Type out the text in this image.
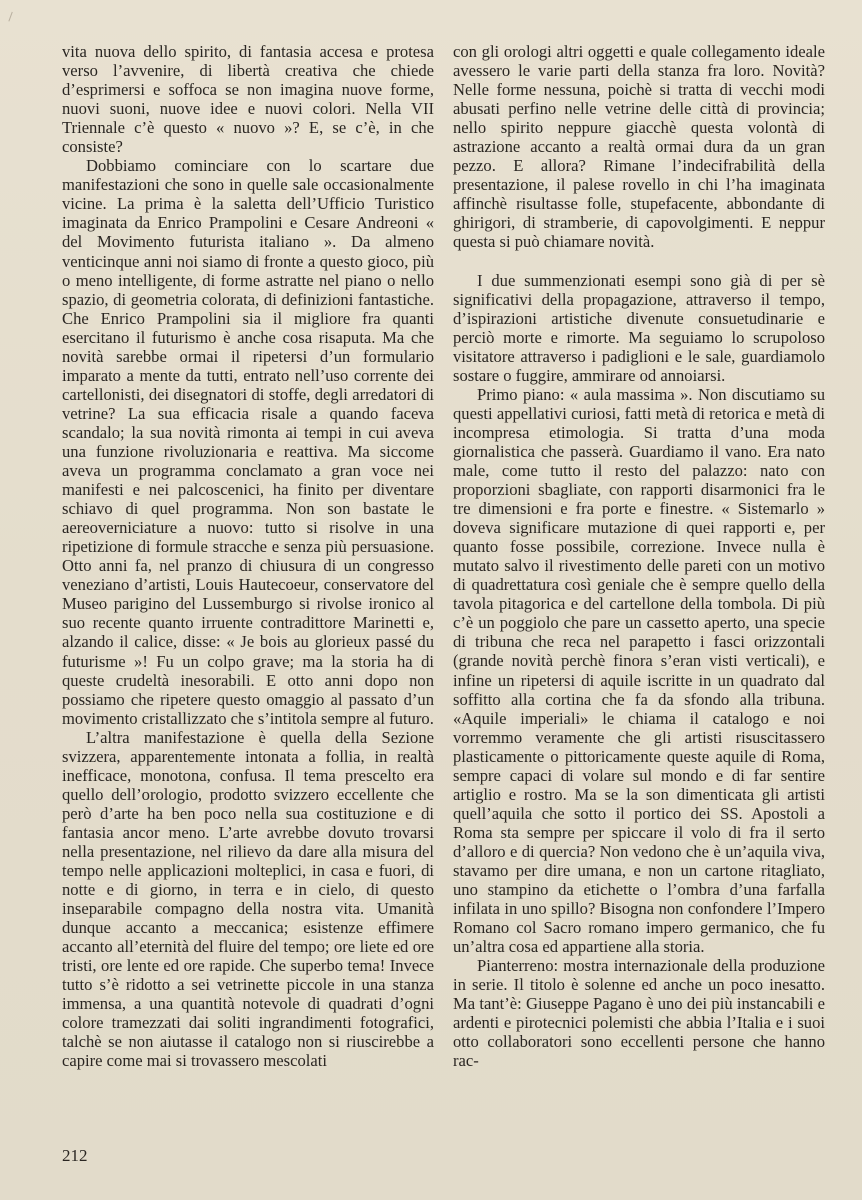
vita nuova dello spirito, di fantasia accesa e protesa verso l’avvenire, di libertà creativa che chiede d’esprimersi e soffoca se non imagina nuove forme, nuovi suoni, nuove idee e nuovi colori. Nella VII Triennale c’è questo « nuovo »? E, se c’è, in che consiste?

Dobbiamo cominciare con lo scartare due manifestazioni che sono in quelle sale occasionalmente vicine. La prima è la saletta dell’Ufficio Turistico imaginata da Enrico Prampolini e Cesare Andreoni « del Movimento futurista italiano ». Da almeno venticinque anni noi siamo di fronte a questo gioco, più o meno intelligente, di forme astratte nel piano o nello spazio, di geometria colorata, di definizioni fantastiche. Che Enrico Prampolini sia il migliore fra quanti esercitano il futurismo è anche cosa risaputa. Ma che novità sarebbe ormai il ripetersi d’un formulario imparato a mente da tutti, entrato nell’uso corrente dei cartellonisti, dei disegnatori di stoffe, degli arredatori di vetrine? La sua efficacia risale a quando faceva scandalo; la sua novità rimonta ai tempi in cui aveva una funzione rivoluzionaria e reattiva. Ma siccome aveva un programma conclamato a gran voce nei manifesti e nei palcoscenici, ha finito per diventare schiavo di quel programma. Non son bastate le aereoverniciature a nuovo: tutto si risolve in una ripetizione di formule stracche e senza più persuasione. Otto anni fa, nel pranzo di chiusura di un congresso veneziano d’artisti, Louis Hautecoeur, conservatore del Museo parigino del Lussemburgo si rivolse ironico al suo recente quanto irruente contradittore Marinetti e, alzando il calice, disse: « Je bois au glorieux passé du futurisme »! Fu un colpo grave; ma la storia ha di queste crudeltà inesorabili. E otto anni dopo non possiamo che ripetere questo omaggio al passato d’un movimento cristallizzato che s’intitola sempre al futuro.

L’altra manifestazione è quella della Sezione svizzera, apparentemente intonata a follia, in realtà inefficace, monotona, confusa. Il tema prescelto era quello dell’orologio, prodotto svizzero eccellente che però d’arte ha ben poco nella sua costituzione e di fantasia ancor meno. L’arte avrebbe dovuto trovarsi nella presentazione, nel rilievo da dare alla misura del tempo nelle applicazioni molteplici, in casa e fuori, di notte e di giorno, in terra e in cielo, di questo inseparabile compagno della nostra vita. Umanità dunque accanto a meccanica; esistenze effimere accanto all’eternità del fluire del tempo; ore liete ed ore tristi, ore lente ed ore rapide. Che superbo tema! Invece tutto s’è ridotto a sei vetrinette piccole in una stanza immensa, a una quantità notevole di quadrati d’ogni colore tramezzati dai soliti ingrandimenti fotografici, talchè se non aiutasse il catalogo non si riuscirebbe a capire come mai si trovassero mescolati

con gli orologi altri oggetti e quale collegamento ideale avessero le varie parti della stanza fra loro. Novità? Nelle forme nessuna, poichè si tratta di vecchi modi abusati perfino nelle vetrine delle città di provincia; nello spirito neppure giacchè questa volontà di astrazione accanto a realtà ormai dura da un gran pezzo. E allora? Rimane l’indecifrabilità della presentazione, il palese rovello in chi l’ha imaginata affinchè risultasse folle, stupefacente, abbondante di ghirigori, di stramberie, di capovolgimenti. E neppur questa si può chiamare novità.

I due summenzionati esempi sono già di per sè significativi della propagazione, attraverso il tempo, d’ispirazioni artistiche divenute consuetudinarie e perciò morte e rimorte. Ma seguiamo lo scrupoloso visitatore attraverso i padiglioni e le sale, guardiamolo sostare o fuggire, ammirare od annoiarsi.

Primo piano: « aula massima ». Non discutiamo su questi appellativi curiosi, fatti metà di retorica e metà di incompresa etimologia. Si tratta d’una moda giornalistica che passerà. Guardiamo il vano. Era nato male, come tutto il resto del palazzo: nato con proporzioni sbagliate, con rapporti disarmonici fra le tre dimensioni e fra porte e finestre. « Sistemarlo » doveva significare mutazione di quei rapporti e, per quanto fosse possibile, correzione. Invece nulla è mutato salvo il rivestimento delle pareti con un motivo di quadrettatura così geniale che è sempre quello della tavola pitagorica e del cartellone della tombola. Di più c’è un poggiolo che pare un cassetto aperto, una specie di tribuna che reca nel parapetto i fasci orizzontali (grande novità perchè finora s’eran visti verticali), e infine un ripetersi di aquile iscritte in un quadrato dal soffitto alla cortina che fa da sfondo alla tribuna. «Aquile imperiali» le chiama il catalogo e noi vorremmo veramente che gli artisti risuscitassero plasticamente o pittoricamente queste aquile di Roma, sempre capaci di volare sul mondo e di far sentire artiglio e rostro. Ma se la son dimenticata gli artisti quell’aquila che sotto il portico dei SS. Apostoli a Roma sta sempre per spiccare il volo di fra il serto d’alloro e di quercia? Non vedono che è un’aquila viva, stavamo per dire umana, e non un cartone ritagliato, uno stampino da etichette o l’ombra d’una farfalla infilata in uno spillo? Bisogna non confondere l’Impero Romano col Sacro romano impero germanico, che fu un’altra cosa ed appartiene alla storia.

Pianterreno: mostra internazionale della produzione in serie. Il titolo è solenne ed anche un poco inesatto. Ma tant’è: Giuseppe Pagano è uno dei più instancabili e ardenti e pirotecnici polemisti che abbia l’Italia e i suoi otto collaboratori sono eccellenti persone che hanno rac-

212
